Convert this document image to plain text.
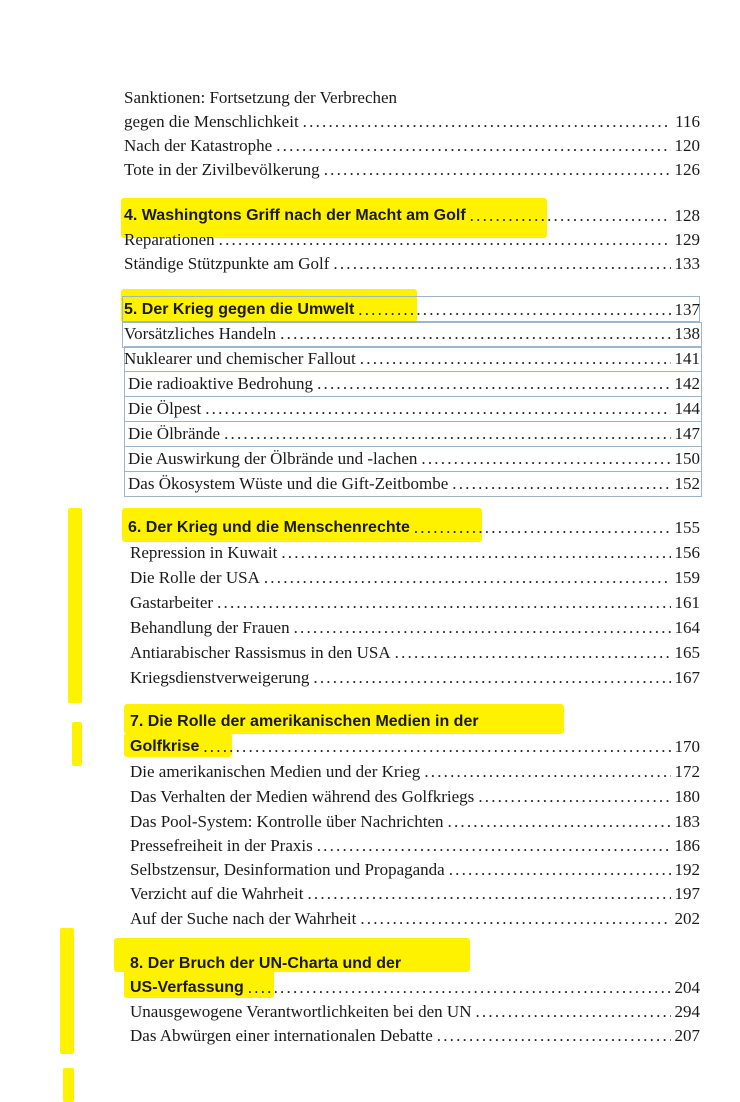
Sanktionen: Fortsetzung der Verbrechen
gegen die Menschlichkeit .....	116
Nach der Katastrophe .....	120
Tote in der Zivilbevölkerung .....	126
4. Washingtons Griff nach der Macht am Golf .....	128
Reparationen .....	129
Ständige Stützpunkte am Golf .....	133
5. Der Krieg gegen die Umwelt .....	137
Vorsätzliches Handeln .....	138
Nuklearer und chemischer Fallout .....	141
Die radioaktive Bedrohung .....	142
Die Ölpest .....	144
Die Ölbrände .....	147
Die Auswirkung der Ölbrände und -lachen .....	150
Das Ökosystem Wüste und die Gift-Zeitbombe .....	152
6. Der Krieg und die Menschenrechte .....	155
Repression in Kuwait .....	156
Die Rolle der USA .....	159
Gastarbeiter .....	161
Behandlung der Frauen .....	164
Antiarabischer Rassismus in den USA .....	165
Kriegsdienstverweigerung .....	167
7. Die Rolle der amerikanischen Medien in der
Golfkrise .....	170
Die amerikanischen Medien und der Krieg .....	172
Das Verhalten der Medien während des Golfkriegs .....	180
Das Pool-System: Kontrolle über Nachrichten .....	183
Pressefreiheit in der Praxis .....	186
Selbstzensur, Desinformation und Propaganda .....	192
Verzicht auf die Wahrheit .....	197
Auf der Suche nach der Wahrheit .....	202
8. Der Bruch der UN-Charta und der
US-Verfassung .....	204
Unausgewogene Verantwortlichkeiten bei den UN .....	294
Das Abwürgen einer internationalen Debatte .....	207
